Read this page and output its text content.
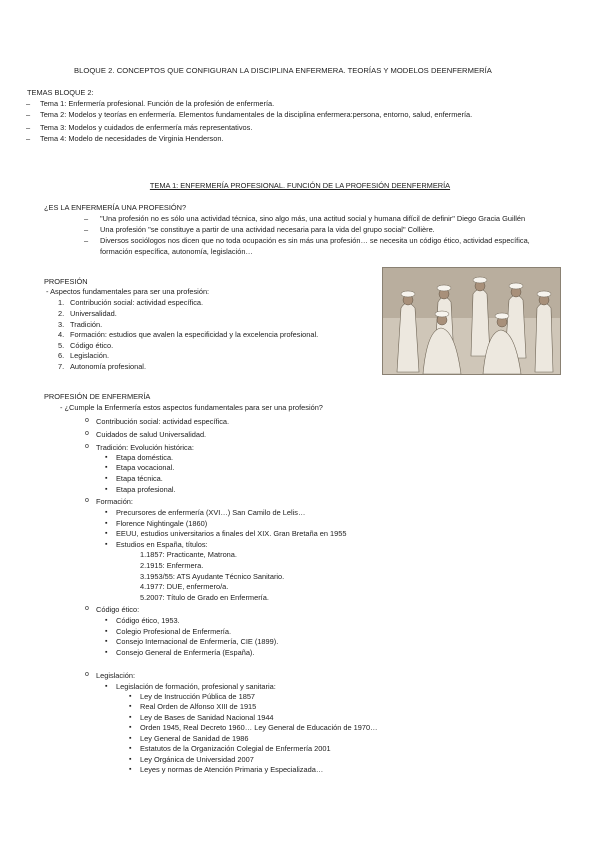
BLOQUE 2. CONCEPTOS QUE CONFIGURAN LA DISCIPLINA ENFERMERA. TEORÍAS Y MODELOS DEENFERMERÍA
TEMAS BLOQUE 2:
– Tema 1: Enfermería profesional. Función de la profesión de enfermería.
– Tema 2: Modelos y teorías en enfermería. Elementos fundamentales de la disciplina enfermera:persona, entorno, salud, enfermería.
– Tema 3: Modelos y cuidados de enfermería más representativos.
– Tema 4: Modelo de necesidades de Virginia Henderson.
TEMA 1: ENFERMERÍA PROFESIONAL. FUNCIÓN DE LA PROFESIÓN DEENFERMERÍA
¿ES LA ENFERMERÍA UNA PROFESIÓN?
– "Una profesión no es sólo una actividad técnica, sino algo más, una actitud social y humana difícil de definir" Diego Gracia Guillén
– Una profesión "se constituye a partir de una actividad necesaria para la vida del grupo social" Collière.
– Diversos sociólogos nos dicen que no toda ocupación es sin más una profesión… se necesita un código ético, actividad específica,
formación específica, autonomía, legislación…
PROFESIÓN
- Aspectos fundamentales para ser una profesión:
1. Contribución social: actividad específica.
2. Universalidad.
3. Tradición.
4. Formación: estudios que avalen la especificidad y la excelencia profesional.
5. Código ético.
6. Legislación.
7. Autonomía profesional.
PROFESIÓN DE ENFERMERÍA
- ¿Cumple la Enfermería estos aspectos fundamentales para ser una profesión?
o Contribución social: actividad específica.
o Cuidados de salud Universalidad.
o Tradición: Evolución histórica:
▪ Etapa doméstica.
▪ Etapa vocacional.
▪ Etapa técnica.
▪ Etapa profesional.
o Formación:
▪ Precursores de enfermería (XVI…) San Camilo de Lelis…
▪ Florence Nightingale (1860)
▪ EEUU, estudios universitarios a finales del XIX. Gran Bretaña en 1955
▪ Estudios en España, títulos:
1.1857: Practicante, Matrona.
2.1915: Enfermera.
3.1953/55: ATS Ayudante Técnico Sanitario.
4.1977: DUE, enfermero/a.
5.2007: Título de Grado en Enfermería.
o Código ético:
▪ Código ético, 1953.
▪ Colegio Profesional de Enfermería.
▪ Consejo Internacional de Enfermería, CIE (1899).
▪ Consejo General de Enfermería (España).
o Legislación:
▪ Legislación de formación, profesional y sanitaria:
▪ Ley de Instrucción Pública de 1857
▪ Real Orden de Alfonso XIII de 1915
▪ Ley de Bases de Sanidad Nacional 1944
▪ Orden 1945, Real Decreto 1960… Ley General de Educación de 1970…
▪ Ley General de Sanidad de 1986
▪ Estatutos de la Organización Colegial de Enfermería 2001
▪ Ley Orgánica de Universidad 2007
▪ Leyes y normas de Atención Primaria y Especializada…
